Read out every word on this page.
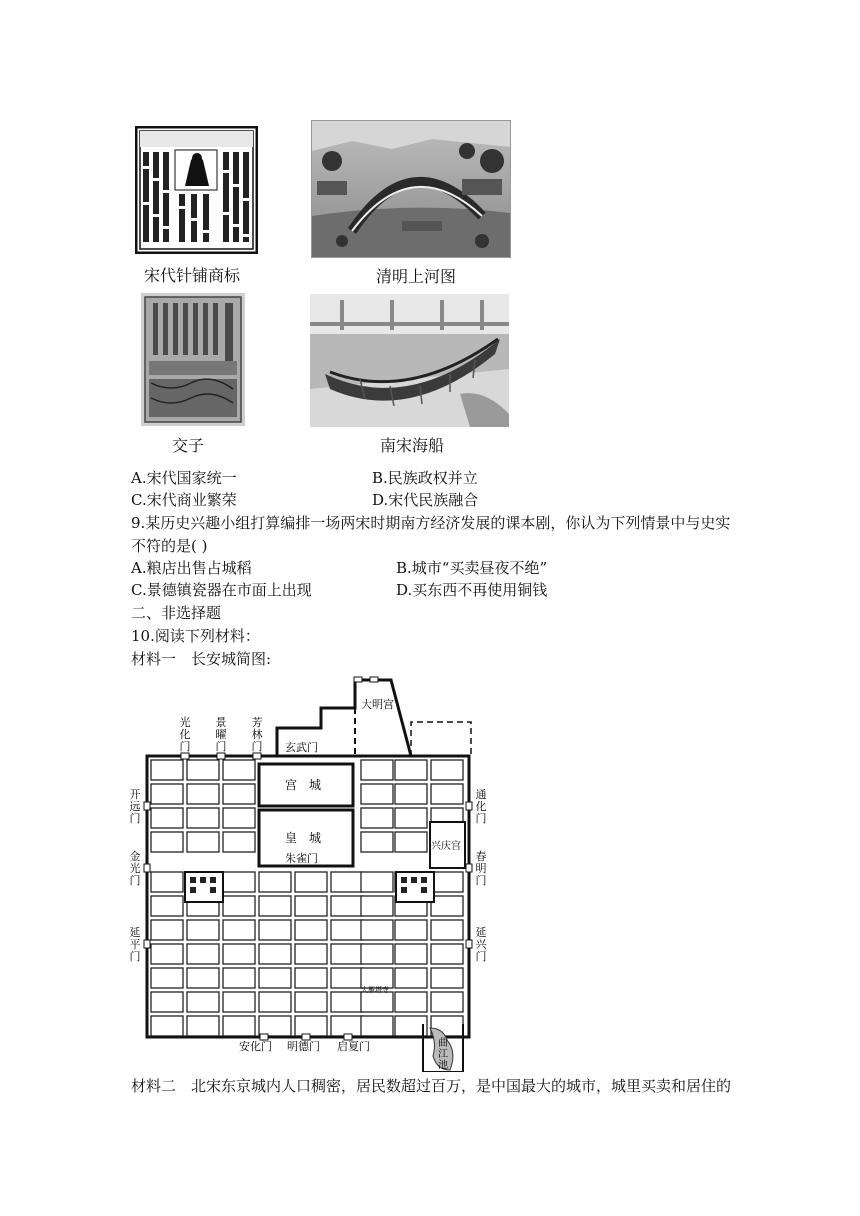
宋代针铺商标	清明上河图
交子	南宋海船
A.宋代国家统一	B.民族政权并立
C.宋代商业繁荣	D.宋代民族融合
9.某历史兴趣小组打算编排一场两宋时期南方经济发展的课本剧，你认为下列情景中与史实
不符的是( )
A.粮店出售占城稻	B.城市“买卖昼夜不绝”
C.景德镇瓷器在市面上出现	D.买东西不再使用铜钱
二、非选择题
10.阅读下列材料：
材料一　长安城简图:
大明宫
玄武门
宫　城
皇　城
朱雀门
兴庆宫
大雁塔寺
光化门
景曜门
芳林门
开远门
金光门
延平门
通化门
春明门
延兴门
曲江池
安化门 明德门 启夏门
材料二　北宋东京城内人口稠密，居民数超过百万，是中国最大的城市，城里买卖和居住的
